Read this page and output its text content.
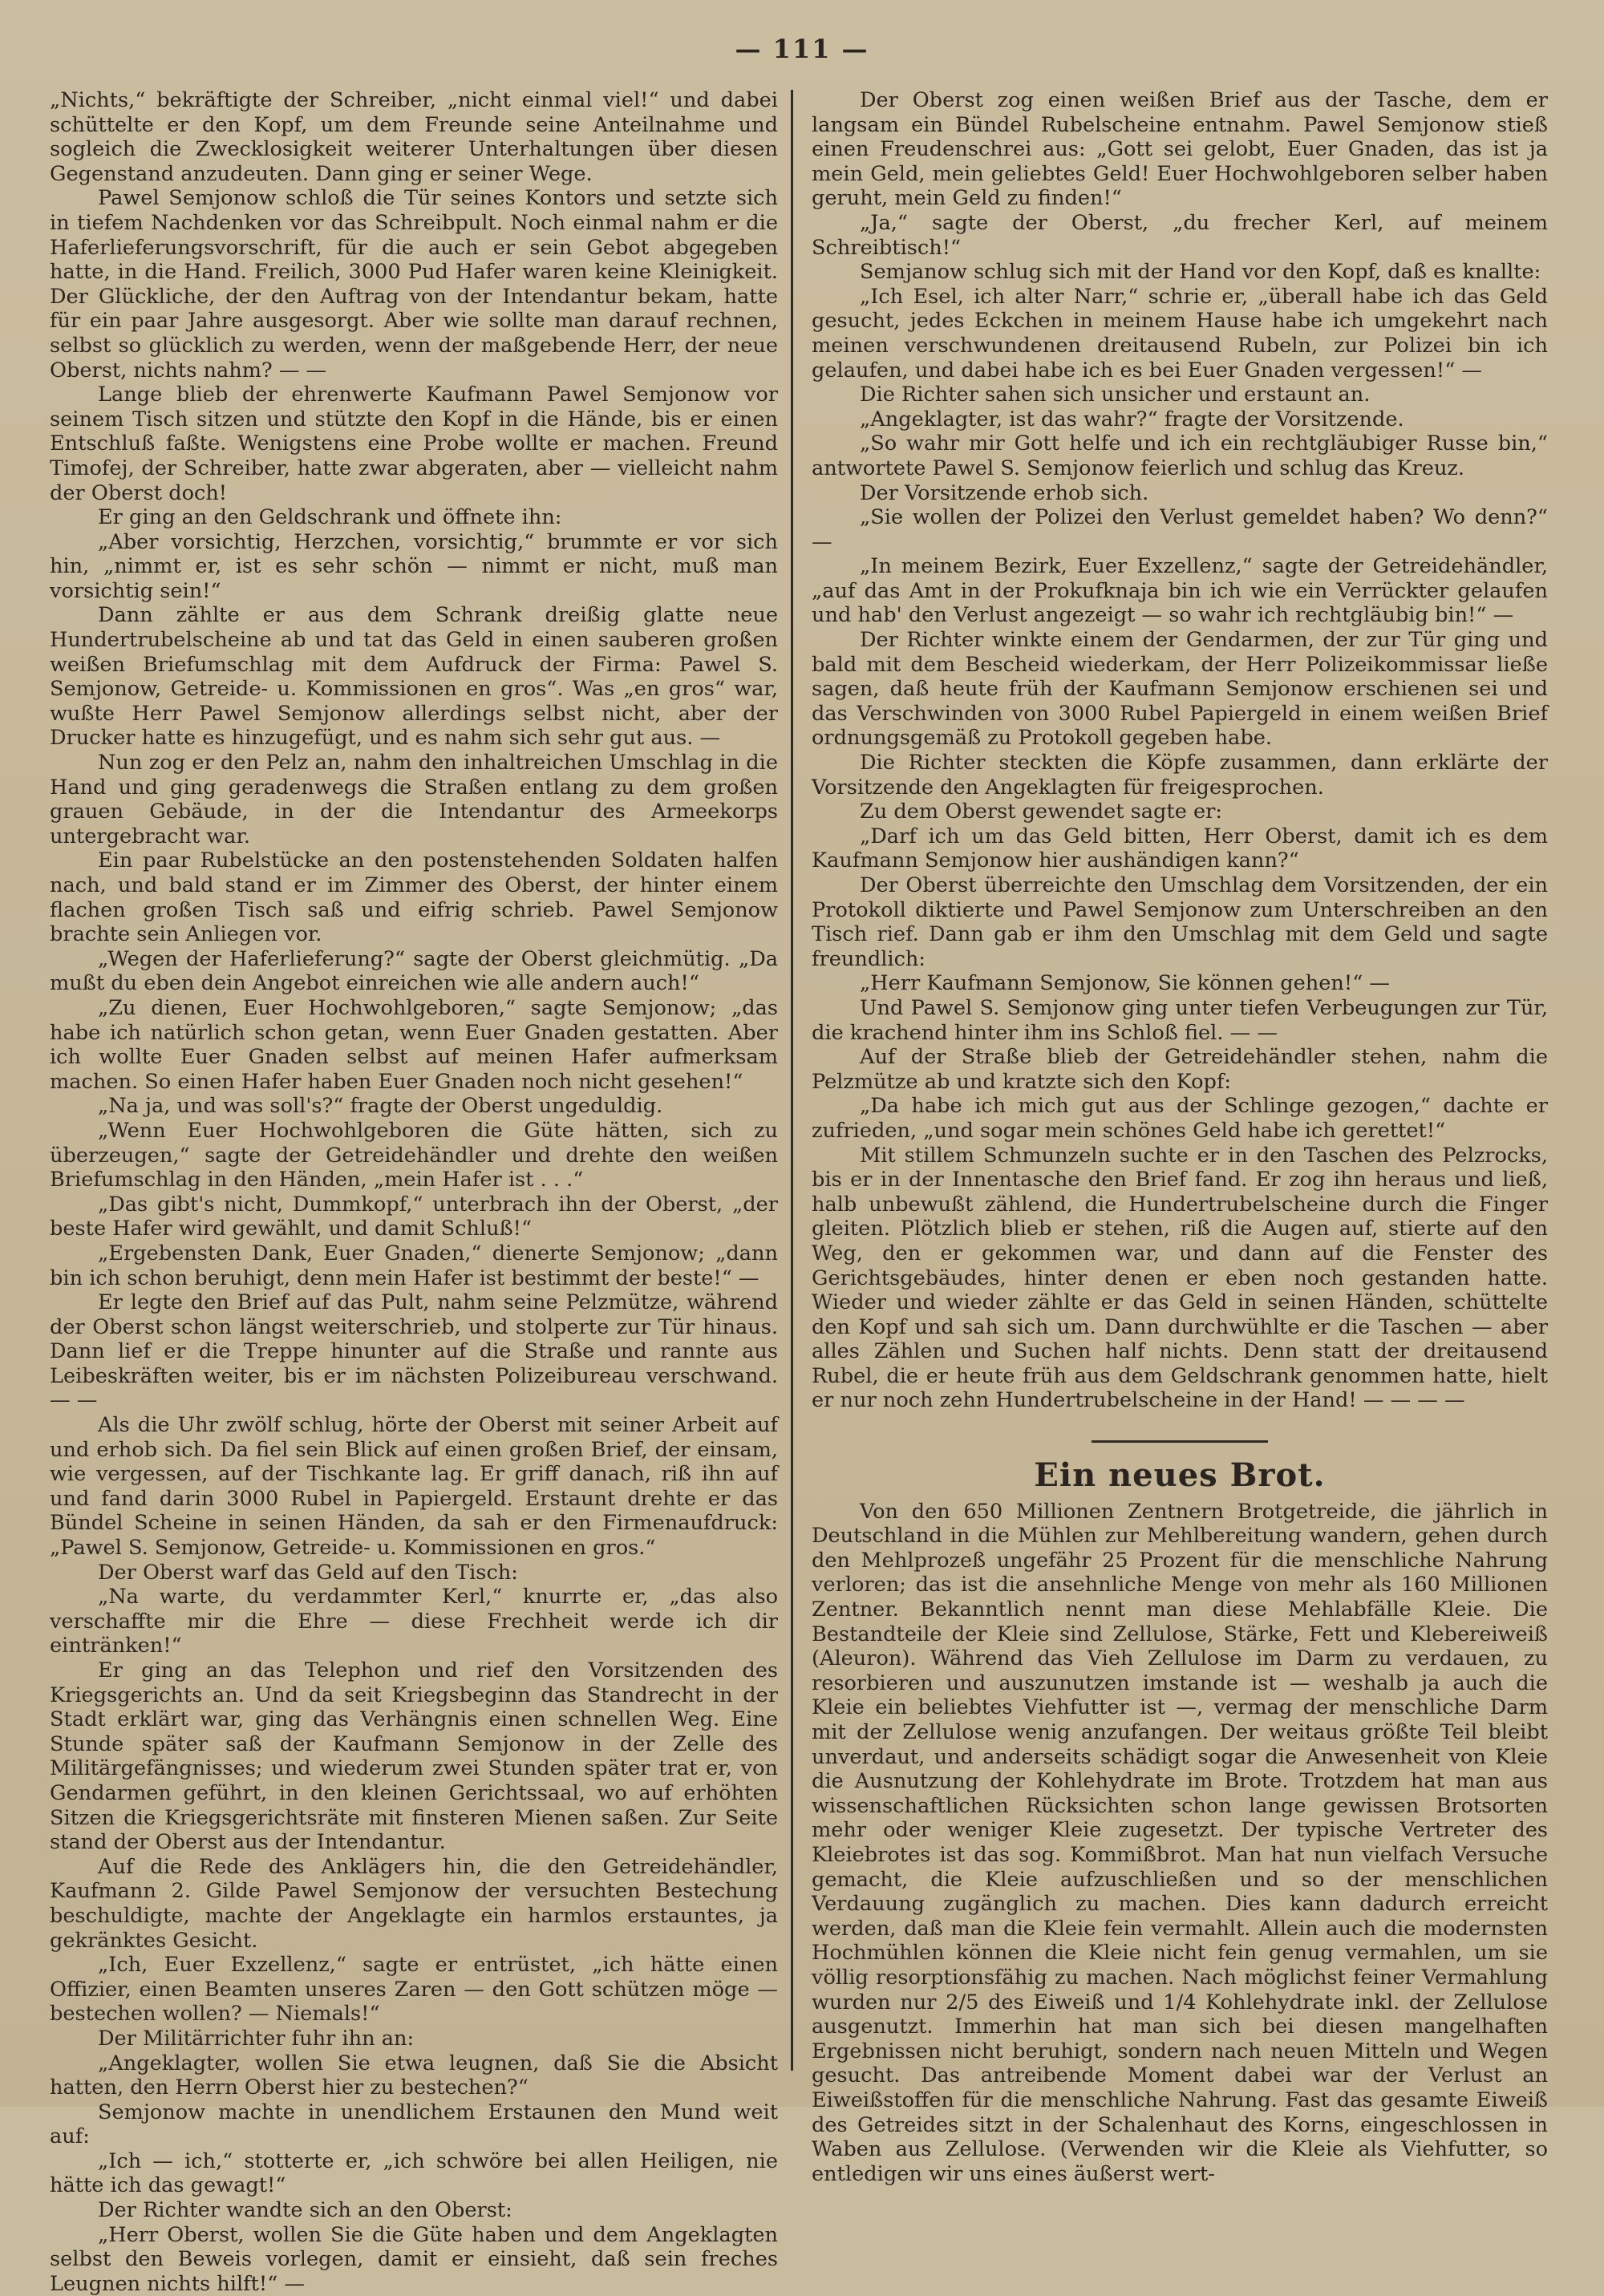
— 111 —

„Nichts,“ bekräftigte der Schreiber, „nicht einmal viel!“ und dabei schüttelte er den Kopf, um dem Freunde seine Anteilnahme und sogleich die Zwecklosigkeit weiterer Unterhaltungen über diesen Gegenstand anzudeuten. Dann ging er seiner Wege.

Pawel Semjonow schloß die Tür seines Kontors und setzte sich in tiefem Nachdenken vor das Schreibpult. Noch einmal nahm er die Haferlieferungsvorschrift, für die auch er sein Gebot abgegeben hatte, in die Hand. Freilich, 3000 Pud Hafer waren keine Kleinigkeit. Der Glückliche, der den Auftrag von der Intendantur bekam, hatte für ein paar Jahre ausgesorgt. Aber wie sollte man darauf rechnen, selbst so glücklich zu werden, wenn der maßgebende Herr, der neue Oberst, nichts nahm? — —

Lange blieb der ehrenwerte Kaufmann Pawel Semjonow vor seinem Tisch sitzen und stützte den Kopf in die Hände, bis er einen Entschluß faßte. Wenigstens eine Probe wollte er machen. Freund Timofej, der Schreiber, hatte zwar abgeraten, aber — vielleicht nahm der Oberst doch!

Er ging an den Geldschrank und öffnete ihn:

„Aber vorsichtig, Herzchen, vorsichtig,“ brummte er vor sich hin, „nimmt er, ist es sehr schön — nimmt er nicht, muß man vorsichtig sein!“

Dann zählte er aus dem Schrank dreißig glatte neue Hundertrubelscheine ab und tat das Geld in einen sauberen großen weißen Briefumschlag mit dem Aufdruck der Firma: Pawel S. Semjonow, Getreide- u. Kommissionen en gros“. Was „en gros“ war, wußte Herr Pawel Semjonow allerdings selbst nicht, aber der Drucker hatte es hinzugefügt, und es nahm sich sehr gut aus. —

Nun zog er den Pelz an, nahm den inhaltreichen Umschlag in die Hand und ging geradenwegs die Straßen entlang zu dem großen grauen Gebäude, in der die Intendantur des Armeekorps untergebracht war.

Ein paar Rubelstücke an den postenstehenden Soldaten halfen nach, und bald stand er im Zimmer des Oberst, der hinter einem flachen großen Tisch saß und eifrig schrieb. Pawel Semjonow brachte sein Anliegen vor.

„Wegen der Haferlieferung?“ sagte der Oberst gleichmütig. „Da mußt du eben dein Angebot einreichen wie alle andern auch!“

„Zu dienen, Euer Hochwohlgeboren,“ sagte Semjonow; „das habe ich natürlich schon getan, wenn Euer Gnaden gestatten. Aber ich wollte Euer Gnaden selbst auf meinen Hafer aufmerksam machen. So einen Hafer haben Euer Gnaden noch nicht gesehen!“

„Na ja, und was soll's?“ fragte der Oberst ungeduldig.

„Wenn Euer Hochwohlgeboren die Güte hätten, sich zu überzeugen,“ sagte der Getreidehändler und drehte den weißen Briefumschlag in den Händen, „mein Hafer ist . . .“

„Das gibt's nicht, Dummkopf,“ unterbrach ihn der Oberst, „der beste Hafer wird gewählt, und damit Schluß!“

„Ergebensten Dank, Euer Gnaden,“ dienerte Semjonow; „dann bin ich schon beruhigt, denn mein Hafer ist bestimmt der beste!“ —

Er legte den Brief auf das Pult, nahm seine Pelzmütze, während der Oberst schon längst weiterschrieb, und stolperte zur Tür hinaus. Dann lief er die Treppe hinunter auf die Straße und rannte aus Leibeskräften weiter, bis er im nächsten Polizeibureau verschwand. — —

Als die Uhr zwölf schlug, hörte der Oberst mit seiner Arbeit auf und erhob sich. Da fiel sein Blick auf einen großen Brief, der einsam, wie vergessen, auf der Tischkante lag. Er griff danach, riß ihn auf und fand darin 3000 Rubel in Papiergeld. Erstaunt drehte er das Bündel Scheine in seinen Händen, da sah er den Firmenaufdruck: „Pawel S. Semjonow, Getreide- u. Kommissionen en gros.“

Der Oberst warf das Geld auf den Tisch:

„Na warte, du verdammter Kerl,“ knurrte er, „das also verschaffte mir die Ehre — diese Frechheit werde ich dir eintränken!“

Er ging an das Telephon und rief den Vorsitzenden des Kriegsgerichts an. Und da seit Kriegsbeginn das Standrecht in der Stadt erklärt war, ging das Verhängnis einen schnellen Weg. Eine Stunde später saß der Kaufmann Semjonow in der Zelle des Militärgefängnisses; und wiederum zwei Stunden später trat er, von Gendarmen geführt, in den kleinen Gerichtssaal, wo auf erhöhten Sitzen die Kriegsgerichtsräte mit finsteren Mienen saßen. Zur Seite stand der Oberst aus der Intendantur.

Auf die Rede des Anklägers hin, die den Getreidehändler, Kaufmann 2. Gilde Pawel Semjonow der versuchten Bestechung beschuldigte, machte der Angeklagte ein harmlos erstauntes, ja gekränktes Gesicht.

„Ich, Euer Exzellenz,“ sagte er entrüstet, „ich hätte einen Offizier, einen Beamten unseres Zaren — den Gott schützen möge — bestechen wollen? — Niemals!“

Der Militärrichter fuhr ihn an:

„Angeklagter, wollen Sie etwa leugnen, daß Sie die Absicht hatten, den Herrn Oberst hier zu bestechen?“

Semjonow machte in unendlichem Erstaunen den Mund weit auf:

„Ich — ich,“ stotterte er, „ich schwöre bei allen Heiligen, nie hätte ich das gewagt!“

Der Richter wandte sich an den Oberst:

„Herr Oberst, wollen Sie die Güte haben und dem Angeklagten selbst den Beweis vorlegen, damit er einsieht, daß sein freches Leugnen nichts hilft!“ —

Der Oberst zog einen weißen Brief aus der Tasche, dem er langsam ein Bündel Rubelscheine entnahm. Pawel Semjonow stieß einen Freudenschrei aus: „Gott sei gelobt, Euer Gnaden, das ist ja mein Geld, mein geliebtes Geld! Euer Hochwohlgeboren selber haben geruht, mein Geld zu finden!“

„Ja,“ sagte der Oberst, „du frecher Kerl, auf meinem Schreibtisch!“

Semjanow schlug sich mit der Hand vor den Kopf, daß es knallte:

„Ich Esel, ich alter Narr,“ schrie er, „überall habe ich das Geld gesucht, jedes Eckchen in meinem Hause habe ich umgekehrt nach meinen verschwundenen dreitausend Rubeln, zur Polizei bin ich gelaufen, und dabei habe ich es bei Euer Gnaden vergessen!“ —

Die Richter sahen sich unsicher und erstaunt an.

„Angeklagter, ist das wahr?“ fragte der Vorsitzende.

„So wahr mir Gott helfe und ich ein rechtgläubiger Russe bin,“ antwortete Pawel S. Semjonow feierlich und schlug das Kreuz.

Der Vorsitzende erhob sich.

„Sie wollen der Polizei den Verlust gemeldet haben? Wo denn?“ —

„In meinem Bezirk, Euer Exzellenz,“ sagte der Getreidehändler, „auf das Amt in der Prokufknaja bin ich wie ein Verrückter gelaufen und hab' den Verlust angezeigt — so wahr ich rechtgläubig bin!“ —

Der Richter winkte einem der Gendarmen, der zur Tür ging und bald mit dem Bescheid wiederkam, der Herr Polizeikommissar ließe sagen, daß heute früh der Kaufmann Semjonow erschienen sei und das Verschwinden von 3000 Rubel Papiergeld in einem weißen Brief ordnungsgemäß zu Protokoll gegeben habe.

Die Richter steckten die Köpfe zusammen, dann erklärte der Vorsitzende den Angeklagten für freigesprochen.

Zu dem Oberst gewendet sagte er:

„Darf ich um das Geld bitten, Herr Oberst, damit ich es dem Kaufmann Semjonow hier aushändigen kann?“

Der Oberst überreichte den Umschlag dem Vorsitzenden, der ein Protokoll diktierte und Pawel Semjonow zum Unterschreiben an den Tisch rief. Dann gab er ihm den Umschlag mit dem Geld und sagte freundlich:

„Herr Kaufmann Semjonow, Sie können gehen!“ —

Und Pawel S. Semjonow ging unter tiefen Verbeugungen zur Tür, die krachend hinter ihm ins Schloß fiel. — —

Auf der Straße blieb der Getreidehändler stehen, nahm die Pelzmütze ab und kratzte sich den Kopf:

„Da habe ich mich gut aus der Schlinge gezogen,“ dachte er zufrieden, „und sogar mein schönes Geld habe ich gerettet!“

Mit stillem Schmunzeln suchte er in den Taschen des Pelzrocks, bis er in der Innentasche den Brief fand. Er zog ihn heraus und ließ, halb unbewußt zählend, die Hundertrubelscheine durch die Finger gleiten. Plötzlich blieb er stehen, riß die Augen auf, stierte auf den Weg, den er gekommen war, und dann auf die Fenster des Gerichtsgebäudes, hinter denen er eben noch gestanden hatte. Wieder und wieder zählte er das Geld in seinen Händen, schüttelte den Kopf und sah sich um. Dann durchwühlte er die Taschen — aber alles Zählen und Suchen half nichts. Denn statt der dreitausend Rubel, die er heute früh aus dem Geldschrank genommen hatte, hielt er nur noch zehn Hundertrubelscheine in der Hand! — — — —

Ein neues Brot.

Von den 650 Millionen Zentnern Brotgetreide, die jährlich in Deutschland in die Mühlen zur Mehlbereitung wandern, gehen durch den Mehlprozeß ungefähr 25 Prozent für die menschliche Nahrung verloren; das ist die ansehnliche Menge von mehr als 160 Millionen Zentner. Bekanntlich nennt man diese Mehlabfälle Kleie. Die Bestandteile der Kleie sind Zellulose, Stärke, Fett und Klebereiweiß (Aleuron). Während das Vieh Zellulose im Darm zu verdauen, zu resorbieren und auszunutzen imstande ist — weshalb ja auch die Kleie ein beliebtes Viehfutter ist —, vermag der menschliche Darm mit der Zellulose wenig anzufangen. Der weitaus größte Teil bleibt unverdaut, und anderseits schädigt sogar die Anwesenheit von Kleie die Ausnutzung der Kohlehydrate im Brote. Trotzdem hat man aus wissenschaftlichen Rücksichten schon lange gewissen Brotsorten mehr oder weniger Kleie zugesetzt. Der typische Vertreter des Kleiebrotes ist das sog. Kommißbrot. Man hat nun vielfach Versuche gemacht, die Kleie aufzuschließen und so der menschlichen Verdauung zugänglich zu machen. Dies kann dadurch erreicht werden, daß man die Kleie fein vermahlt. Allein auch die modernsten Hochmühlen können die Kleie nicht fein genug vermahlen, um sie völlig resorptionsfähig zu machen. Nach möglichst feiner Vermahlung wurden nur 2/5 des Eiweiß und 1/4 Kohlehydrate inkl. der Zellulose ausgenutzt. Immerhin hat man sich bei diesen mangelhaften Ergebnissen nicht beruhigt, sondern nach neuen Mitteln und Wegen gesucht. Das antreibende Moment dabei war der Verlust an Eiweißstoffen für die menschliche Nahrung. Fast das gesamte Eiweiß des Getreides sitzt in der Schalenhaut des Korns, eingeschlossen in Waben aus Zellulose. (Verwenden wir die Kleie als Viehfutter, so entledigen wir uns eines äußerst wert-
